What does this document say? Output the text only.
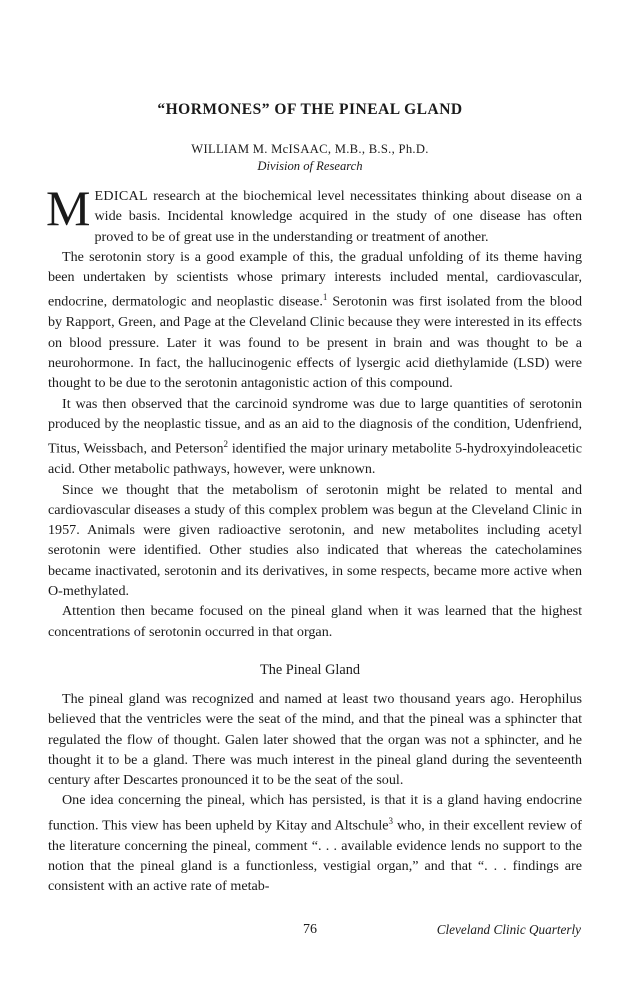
“HORMONES” OF THE PINEAL GLAND
WILLIAM M. McISAAC, M.B., B.S., Ph.D.
Division of Research

MEDICAL research at the biochemical level necessitates thinking about disease on a wide basis. Incidental knowledge acquired in the study of one disease has often proved to be of great use in the understanding or treatment of another.

The serotonin story is a good example of this, the gradual unfolding of its theme having been undertaken by scientists whose primary interests included mental, cardiovascular, endocrine, dermatologic and neoplastic disease.$^1$ Serotonin was first isolated from the blood by Rapport, Green, and Page at the Cleveland Clinic because they were interested in its effects on blood pressure. Later it was found to be present in brain and was thought to be a neurohormone. In fact, the hallucinogenic effects of lysergic acid diethylamide (LSD) were thought to be due to the serotonin antagonistic action of this compound.

It was then observed that the carcinoid syndrome was due to large quantities of serotonin produced by the neoplastic tissue, and as an aid to the diagnosis of the condition, Udenfriend, Titus, Weissbach, and Peterson$^2$ identified the major urinary metabolite 5-hydroxyindoleacetic acid. Other metabolic pathways, however, were unknown.

Since we thought that the metabolism of serotonin might be related to mental and cardiovascular diseases a study of this complex problem was begun at the Cleveland Clinic in 1957. Animals were given radioactive serotonin, and new metabolites including acetyl serotonin were identified. Other studies also indicated that whereas the catecholamines became inactivated, serotonin and its derivatives, in some respects, became more active when O-methylated.

Attention then became focused on the pineal gland when it was learned that the highest concentrations of serotonin occurred in that organ.

The Pineal Gland

The pineal gland was recognized and named at least two thousand years ago. Herophilus believed that the ventricles were the seat of the mind, and that the pineal was a sphincter that regulated the flow of thought. Galen later showed that the organ was not a sphincter, and he thought it to be a gland. There was much interest in the pineal gland during the seventeenth century after Descartes pronounced it to be the seat of the soul.

One idea concerning the pineal, which has persisted, is that it is a gland having endocrine function. This view has been upheld by Kitay and Altschule$^3$ who, in their excellent review of the literature concerning the pineal, comment “. . . available evidence lends no support to the notion that the pineal gland is a functionless, vestigial organ,” and that “. . . findings are consistent with an active rate of metab-

76	Cleveland Clinic Quarterly
